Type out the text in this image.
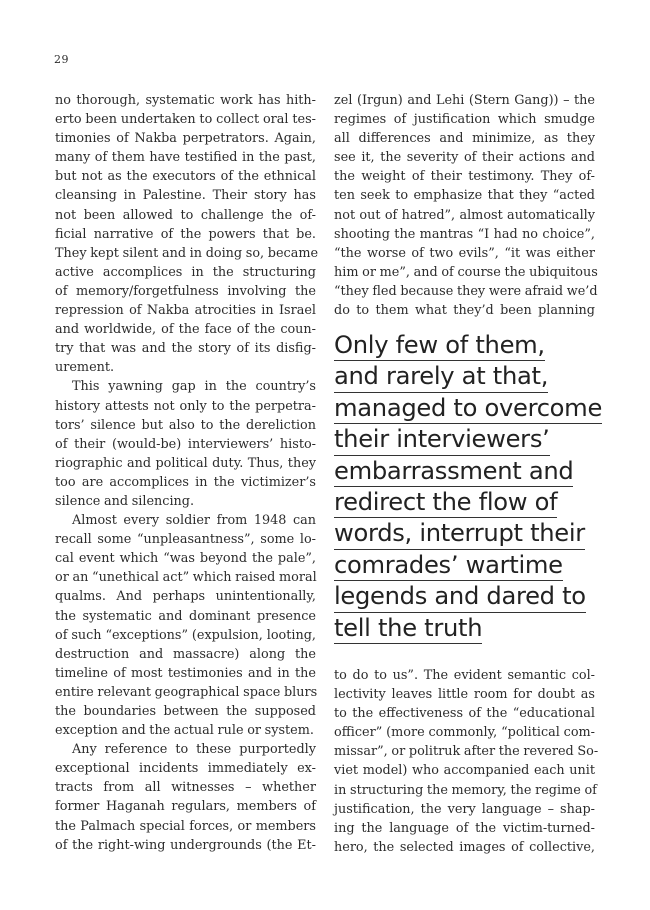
29
no thorough, systematic work has hith-
erto been undertaken to collect oral tes-
timonies of Nakba perpetrators. Again,
many of them have testified in the past,
but not as the executors of the ethnical
cleansing in Palestine. Their story has
not been allowed to challenge the of-
ficial narrative of the powers that be.
They kept silent and in doing so, became
active accomplices in the structuring
of memory/forgetfulness involving the
repression of Nakba atrocities in Israel
and worldwide, of the face of the coun-
try that was and the story of its disfig-
urement.
This yawning gap in the country’s
history attests not only to the perpetra-
tors’ silence but also to the dereliction
of their (would-be) interviewers’ histo-
riographic and political duty. Thus, they
too are accomplices in the victimizer’s
silence and silencing.
Almost every soldier from 1948 can
recall some “unpleasantness”, some lo-
cal event which “was beyond the pale”,
or an “unethical act” which raised moral
qualms. And perhaps unintentionally,
the systematic and dominant presence
of such “exceptions” (expulsion, looting,
destruction and massacre) along the
timeline of most testimonies and in the
entire relevant geographical space blurs
the boundaries between the supposed
exception and the actual rule or system.
Any reference to these purportedly
exceptional incidents immediately ex-
tracts from all witnesses – whether
former Haganah regulars, members of
the Palmach special forces, or members
of the right-wing undergrounds (the Et-
zel (Irgun) and Lehi (Stern Gang)) – the
regimes of justification which smudge
all differences and minimize, as they
see it, the severity of their actions and
the weight of their testimony. They of-
ten seek to emphasize that they “acted
not out of hatred”, almost automatically
shooting the mantras “I had no choice”,
“the worse of two evils”, “it was either
him or me”, and of course the ubiquitous
“they fled because they were afraid we’d
do to them what they’d been planning
Only few of them,
and rarely at that,
managed to overcome
their interviewers’
embarrassment and
redirect the flow of
words, interrupt their
comrades’ wartime
legends and dared to
tell the truth

to do to us”. The evident semantic col-
lectivity leaves little room for doubt as
to the effectiveness of the “educational
officer” (more commonly, “political com-
missar”, or politruk after the revered So-
viet model) who accompanied each unit
in structuring the memory, the regime of
justification, the very language – shap-
ing the language of the victim-turned-
hero, the selected images of collective,
